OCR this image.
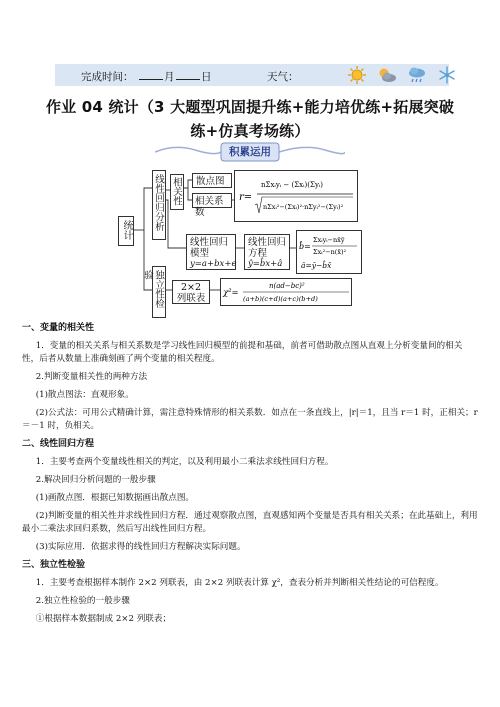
完成时间：	月	日	天气：
作业 04 统计（3 大题型巩固提升练+能力培优练+拓展突破练+仿真考场练）
积累运用
统计 线性回归分析 相关性	散点图
相关系数
r=
nΣxᵢyᵢ − (Σxᵢ)(Σyᵢ)
nΣxᵢ²−(Σxᵢ)²·nΣyᵢ²−(Σyᵢ)²
线性回归
模型
y=a+bx+e
线性回归
方程
ŷ=b̂x+â
b̂=
Σxᵢyᵢ−nx̄ȳ
Σxᵢ²−n(x̄)²
â=ȳ−b̂x̄
独立性检验
2×2
列联表 χ²=
n(ad−bc)²
(a+b)(c+d)(a+c)(b+d)

一、变量的相关性

1．变量的相关关系与相关系数是学习线性回归模型的前提和基础，前者可借助散点图从直观上分析变量间的相关性，后者从数量上准确刻画了两个变量的相关程度。

2.判断变量相关性的两种方法

(1)散点图法：直观形象。

(2)公式法：可用公式精确计算，需注意特殊情形的相关系数．如点在一条直线上，|r|＝1，且当 r＝1 时，正相关；r＝－1 时，负相关。

二、线性回归方程

1．主要考查两个变量线性相关的判定，以及利用最小二乘法求线性回归方程。

2.解决回归分析问题的一般步骤

(1)画散点图．根据已知数据画出散点图。

(2)判断变量的相关性并求线性回归方程．通过观察散点图，直观感知两个变量是否具有相关关系；在此基础上，利用最小二乘法求回归系数，然后写出线性回归方程。

(3)实际应用．依据求得的线性回归方程解决实际问题。

三、独立性检验

1．主要考查根据样本制作 2×2 列联表，由 2×2 列联表计算 χ²，查表分析并判断相关性结论的可信程度。

2.独立性检验的一般步骤

①根据样本数据制成 2×2 列联表；
